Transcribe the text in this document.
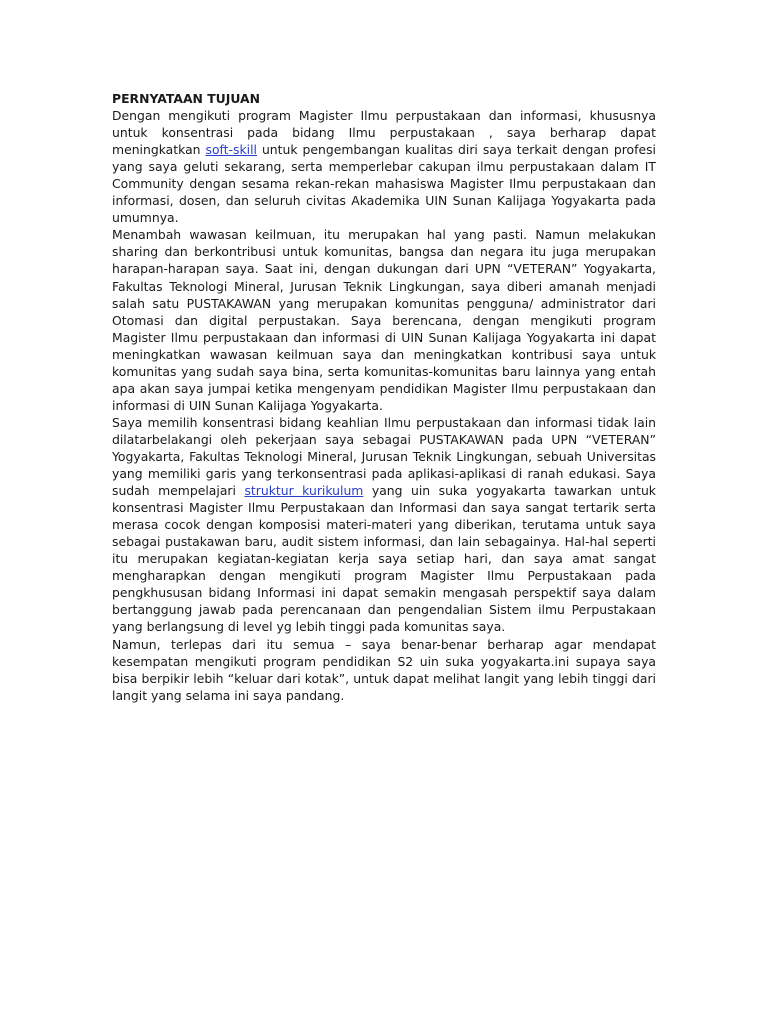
PERNYATAAN TUJUAN

Dengan mengikuti program Magister Ilmu perpustakaan dan informasi, khususnya untuk konsentrasi pada bidang Ilmu perpustakaan , saya berharap dapat meningkatkan soft-skill untuk pengembangan kualitas diri saya terkait dengan profesi yang saya geluti sekarang, serta memperlebar cakupan ilmu perpustakaan dalam IT Community dengan sesama rekan-rekan mahasiswa Magister Ilmu perpustakaan dan informasi, dosen, dan seluruh civitas Akademika UIN Sunan Kalijaga Yogyakarta pada umumnya.

Menambah wawasan keilmuan, itu merupakan hal yang pasti. Namun melakukan sharing dan berkontribusi untuk komunitas, bangsa dan negara itu juga merupakan harapan-harapan saya. Saat ini, dengan dukungan dari UPN “VETERAN” Yogyakarta, Fakultas Teknologi Mineral, Jurusan Teknik Lingkungan, saya diberi amanah menjadi salah satu PUSTAKAWAN yang merupakan komunitas pengguna/ administrator dari Otomasi dan digital perpustakan. Saya berencana, dengan mengikuti program Magister Ilmu perpustakaan dan informasi di UIN Sunan Kalijaga Yogyakarta ini dapat meningkatkan wawasan keilmuan saya dan meningkatkan kontribusi saya untuk komunitas yang sudah saya bina, serta komunitas-komunitas baru lainnya yang entah apa akan saya jumpai ketika mengenyam pendidikan Magister Ilmu perpustakaan dan informasi di UIN Sunan Kalijaga Yogyakarta.

Saya memilih konsentrasi bidang keahlian Ilmu perpustakaan dan informasi tidak lain dilatarbelakangi oleh pekerjaan saya sebagai PUSTAKAWAN pada UPN “VETERAN” Yogyakarta, Fakultas Teknologi Mineral, Jurusan Teknik Lingkungan, sebuah Universitas yang memiliki garis yang terkonsentrasi pada aplikasi-aplikasi di ranah edukasi. Saya sudah mempelajari struktur kurikulum yang uin suka yogyakarta tawarkan untuk konsentrasi Magister Ilmu Perpustakaan dan Informasi dan saya sangat tertarik serta merasa cocok dengan komposisi materi-materi yang diberikan, terutama untuk saya sebagai pustakawan baru, audit sistem informasi, dan lain sebagainya. Hal-hal seperti itu merupakan kegiatan-kegiatan kerja saya setiap hari, dan saya amat sangat mengharapkan dengan mengikuti program Magister Ilmu Perpustakaan pada pengkhususan bidang Informasi ini dapat semakin mengasah perspektif saya dalam bertanggung jawab pada perencanaan dan pengendalian Sistem ilmu Perpustakaan yang berlangsung di level yg lebih tinggi pada komunitas saya.

Namun, terlepas dari itu semua – saya benar-benar berharap agar mendapat kesempatan mengikuti program pendidikan S2 uin suka yogyakarta.ini supaya saya bisa berpikir lebih “keluar dari kotak”, untuk dapat melihat langit yang lebih tinggi dari langit yang selama ini saya pandang.
